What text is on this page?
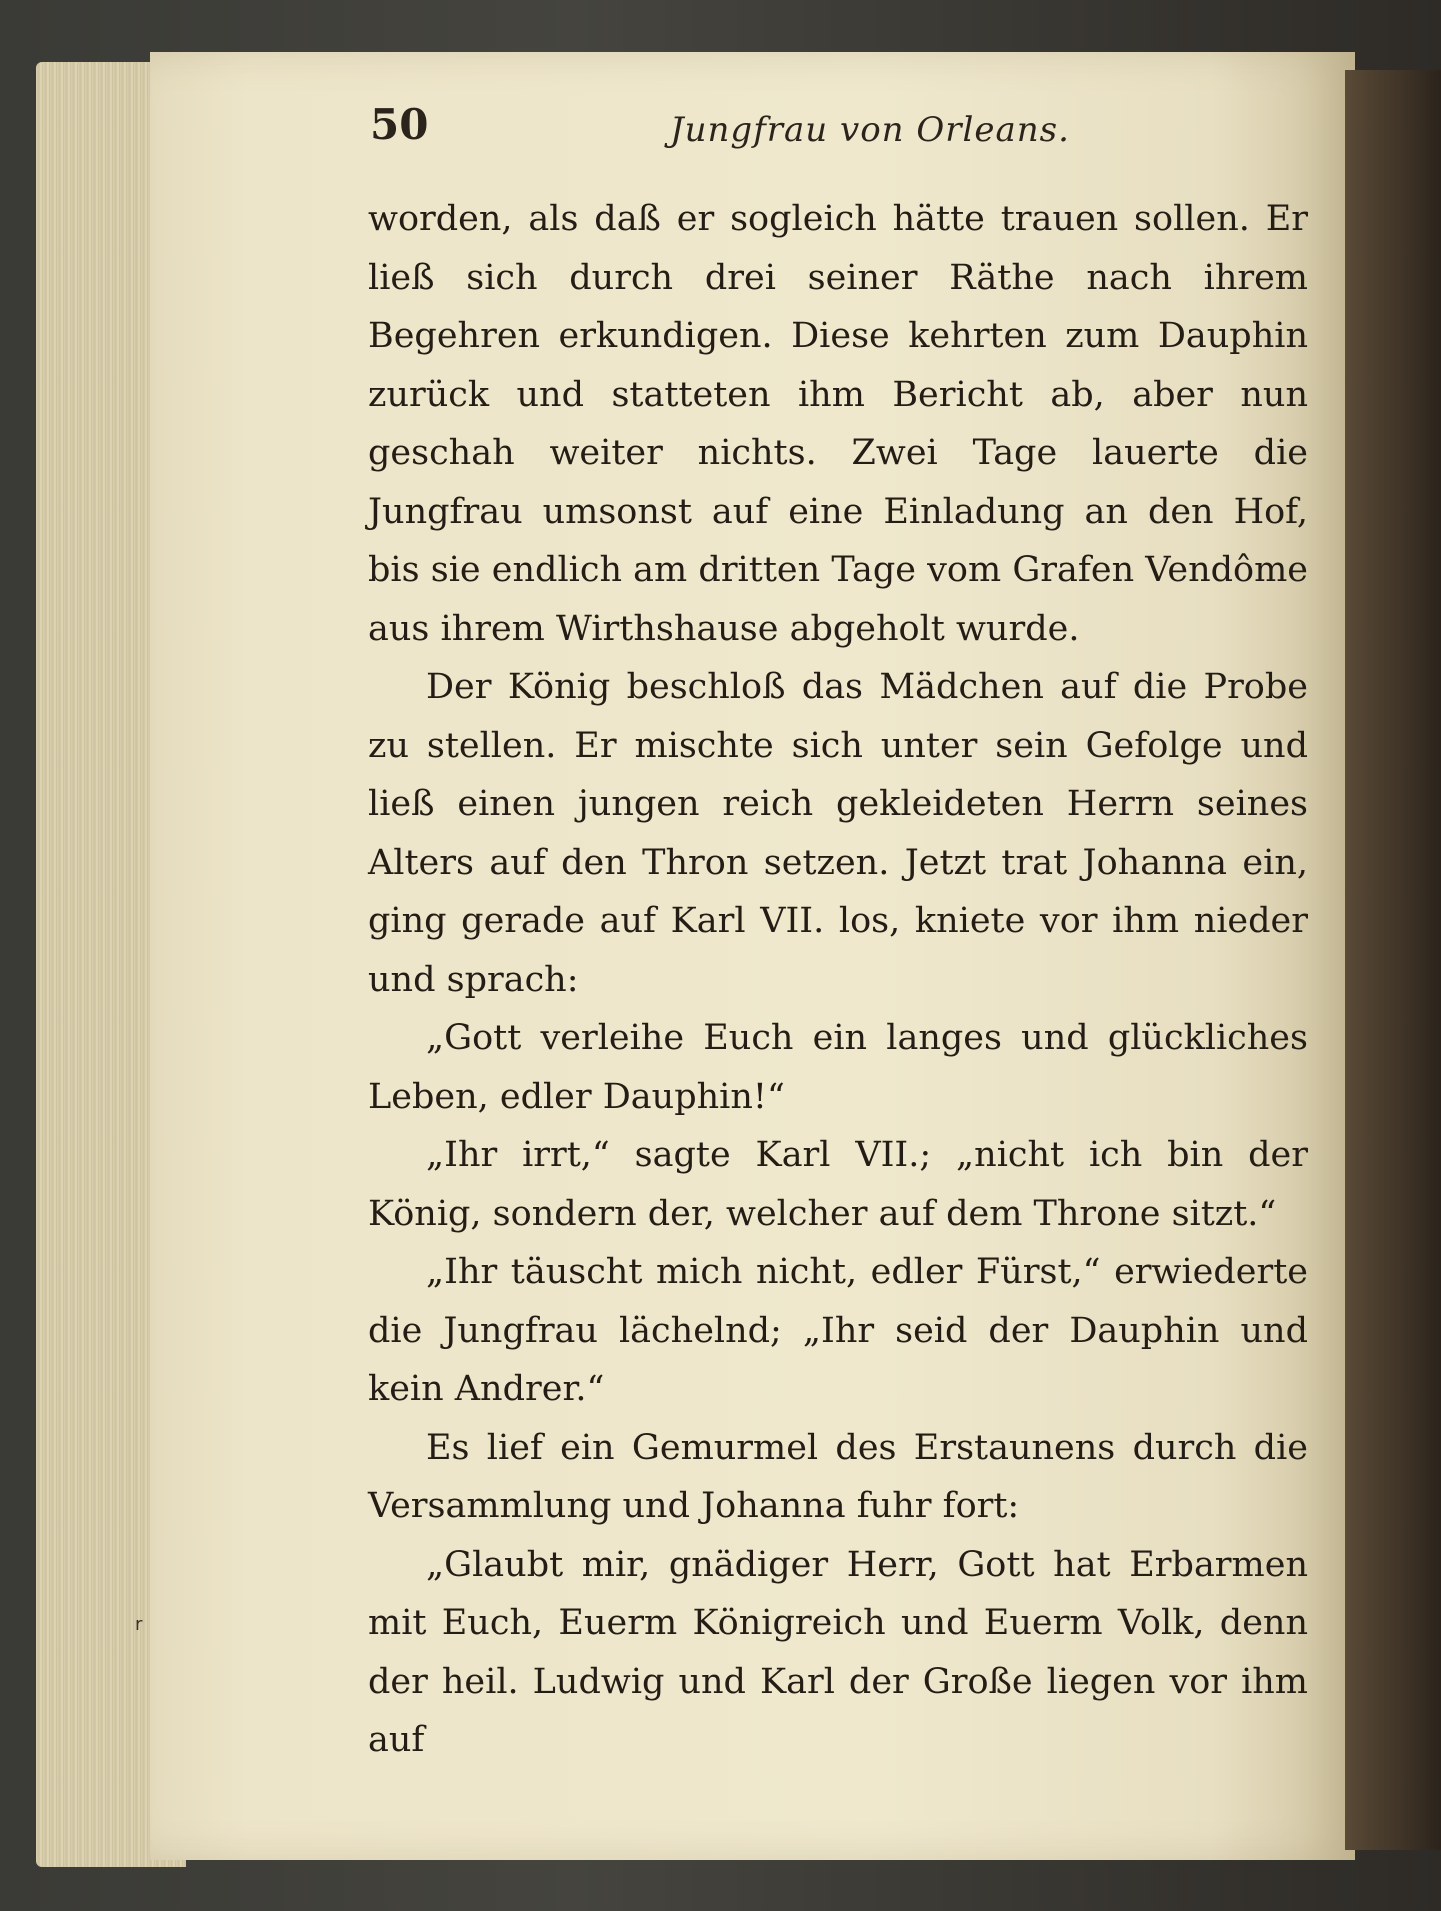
50	Jungfrau von Orleans.

worden, als daß er sogleich hätte trauen sollen. Er ließ sich durch drei seiner Räthe nach ihrem Begehren erkundigen. Diese kehrten zum Dauphin zurück und statteten ihm Bericht ab, aber nun geschah weiter nichts. Zwei Tage lauerte die Jungfrau umsonst auf eine Einladung an den Hof, bis sie endlich am dritten Tage vom Grafen Vendôme aus ihrem Wirthshause abgeholt wurde.

Der König beschloß das Mädchen auf die Probe zu stellen. Er mischte sich unter sein Gefolge und ließ einen jungen reich gekleideten Herrn seines Alters auf den Thron setzen. Jetzt trat Johanna ein, ging gerade auf Karl VII. los, kniete vor ihm nieder und sprach:

„Gott verleihe Euch ein langes und glückliches Leben, edler Dauphin!“

„Ihr irrt,“ sagte Karl VII.; „nicht ich bin der König, sondern der, welcher auf dem Throne sitzt.“

„Ihr täuscht mich nicht, edler Fürst,“ erwiederte die Jungfrau lächelnd; „Ihr seid der Dauphin und kein Andrer.“

Es lief ein Gemurmel des Erstaunens durch die Versammlung und Johanna fuhr fort:

„Glaubt mir, gnädiger Herr, Gott hat Erbarmen mit Euch, Euerm Königreich und Euerm Volk, denn der heil. Ludwig und Karl der Große liegen vor ihm auf

r
